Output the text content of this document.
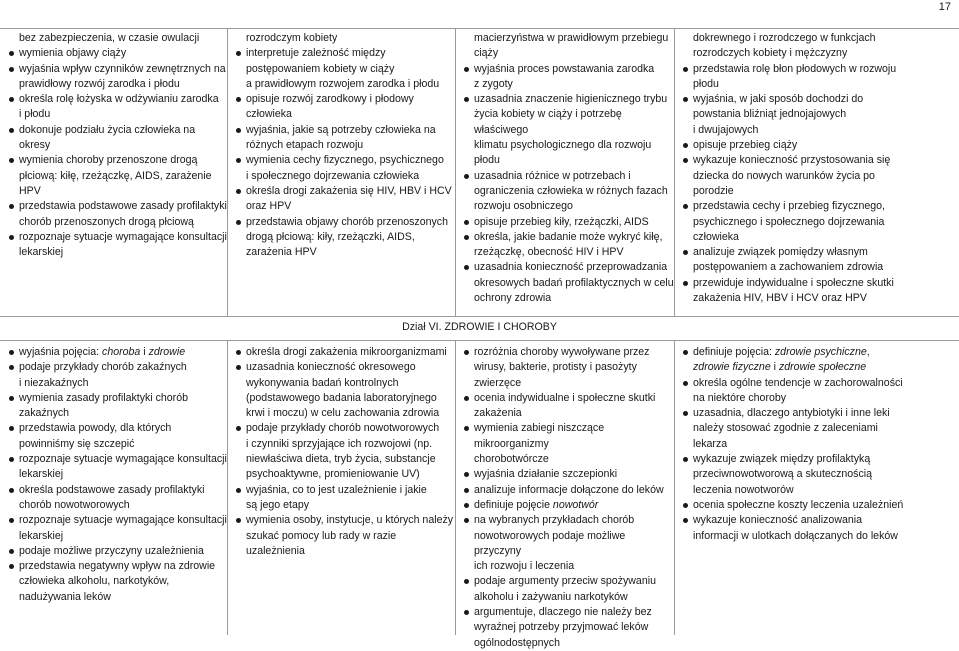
17
bez zabezpieczenia, w czasie owulacji
wymienia objawy ciąży
wyjaśnia wpływ czynników zewnętrznych na
prawidłowy rozwój zarodka i płodu
określa rolę łożyska w odżywianiu zarodka
i płodu
dokonuje podziału życia człowieka na okresy
wymienia choroby przenoszone drogą
płciową: kiłę, rzeżączkę, AIDS, zarażenie
HPV
przedstawia podstawowe zasady profilaktyki
chorób przenoszonych drogą płciową
rozpoznaje sytuacje wymagające konsultacji
lekarskiej
rozrodczym kobiety
interpretuje zależność między
postępowaniem kobiety w ciąży
a prawidłowym rozwojem zarodka i płodu
opisuje rozwój zarodkowy i płodowy
człowieka
wyjaśnia, jakie są potrzeby człowieka na
różnych etapach rozwoju
wymienia cechy fizycznego, psychicznego
i społecznego dojrzewania człowieka
określa drogi zakażenia się HIV, HBV i HCV
oraz HPV
przedstawia objawy chorób przenoszonych
drogą płciową: kiły, rzeżączki, AIDS,
zarażenia HPV
macierzyństwa w prawidłowym przebiegu
ciąży
wyjaśnia proces powstawania zarodka
z zygoty
uzasadnia znaczenie higienicznego trybu
życia kobiety w ciąży i potrzebę właściwego
klimatu psychologicznego dla rozwoju
płodu
uzasadnia różnice w potrzebach i
ograniczenia człowieka w różnych fazach
rozwoju osobniczego
opisuje przebieg kiły, rzeżączki, AIDS
określa, jakie badanie może wykryć kiłę,
rzeżączkę, obecność HIV i HPV
uzasadnia konieczność przeprowadzania
okresowych badań profilaktycznych w celu
ochrony zdrowia
dokrewnego i rozrodczego w funkcjach
rozrodczych kobiety i mężczyzny
przedstawia rolę błon płodowych w rozwoju
płodu
wyjaśnia, w jaki sposób dochodzi do
powstania bliźniąt jednojajowych
i dwujajowych
opisuje przebieg ciąży
wykazuje konieczność przystosowania się
dziecka do nowych warunków życia po
porodzie
przedstawia cechy i przebieg fizycznego,
psychicznego i społecznego dojrzewania
człowieka
analizuje związek pomiędzy własnym
postępowaniem a zachowaniem zdrowia
przewiduje indywidualne i społeczne skutki
zakażenia HIV, HBV i HCV oraz HPV
Dział VI. ZDROWIE I CHOROBY
wyjaśnia pojęcia: choroba i zdrowie
podaje przykłady chorób zakaźnych
i niezakaźnych
wymienia zasady profilaktyki chorób
zakaźnych
przedstawia powody, dla których
powinniśmy się szczepić
rozpoznaje sytuacje wymagające konsultacji
lekarskiej
określa podstawowe zasady profilaktyki
chorób nowotworowych
rozpoznaje sytuacje wymagające konsultacji
lekarskiej
podaje możliwe przyczyny uzależnienia
przedstawia negatywny wpływ na zdrowie
człowieka alkoholu, narkotyków,
nadużywania leków
określa drogi zakażenia mikroorganizmami
uzasadnia konieczność okresowego
wykonywania badań kontrolnych
(podstawowego badania laboratoryjnego
krwi i moczu) w celu zachowania zdrowia
podaje przykłady chorób nowotworowych
i czynniki sprzyjające ich rozwojowi (np.
niewłaściwa dieta, tryb życia, substancje
psychoaktywne, promieniowanie UV)
wyjaśnia, co to jest uzależnienie i jakie
są jego etapy
wymienia osoby, instytucje, u których należy
szukać pomocy lub rady w razie
uzależnienia
rozróżnia choroby wywoływane przez
wirusy, bakterie, protisty i pasożyty
zwierzęce
ocenia indywidualne i społeczne skutki
zakażenia
wymienia zabiegi niszczące mikroorganizmy
chorobotwórcze
wyjaśnia działanie szczepionki
analizuje informacje dołączone do leków
definiuje pojęcie nowotwór
na wybranych przykładach chorób
nowotworowych podaje możliwe przyczyny
ich rozwoju i leczenia
podaje argumenty przeciw spożywaniu
alkoholu i zażywaniu narkotyków
argumentuje, dlaczego nie należy bez
wyraźnej potrzeby przyjmować leków
ogólnodostępnych
definiuje pojęcia: zdrowie psychiczne,
zdrowie fizyczne i zdrowie społeczne
określa ogólne tendencje w zachorowalności
na niektóre choroby
uzasadnia, dlaczego antybiotyki i inne leki
należy stosować zgodnie z zaleceniami
lekarza
wykazuje związek między profilaktyką
przeciwnowotworową a skutecznością
leczenia nowotworów
ocenia społeczne koszty leczenia uzależnień
wykazuje konieczność analizowania
informacji w ulotkach dołączanych do leków
